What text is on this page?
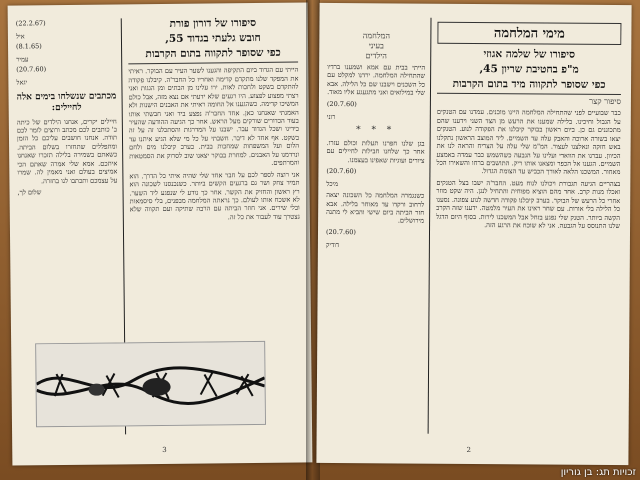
סיפורו של דורון פורת
חובש גלעתי בגדוד 55,
כפי שסופר לתקווה בתום הקרבות

הייתי עם הגדוד ביום התקיפה והגענו לשער העיר עם הבוקר. ראיתי את המפקד שלנו מתקדם קדימה ואחריו כל החבר'ה. קיבלנו פקודה להתקדם בשקט ולחכות לאות. ירו עלינו מן הבתים ומן הגגות ואני רצתי מפצוע לפצוע. היו רגעים שלא ידעתי אם נצא מזה, אבל כולם המשיכו קדימה. כשהגענו אל החומה ראיתי את האבנים הישנות ולא האמנתי שאנחנו כאן. אחד החבר'ה נפצע ביד ואני חבשתי אותו בעוד הכדורים שורקים מעל הראש. אחר כך הגיעה ההודעה שהעיר בידינו ושכל הגדוד עבר. ישבנו על המדרגות והסתכלנו זה על זה בשקט. אף אחד לא דיבר. חשבתי על כל מי שלא הגיע איתנו עד הלום ועל המשפחות שמחכות בבית. בערב קיבלנו מים ולחם ונרדמנו על האבנים. למחרת בבוקר יצאנו שוב לסרוק את הסמטאות והמרתפים.

אני רוצה לספר לכם על חבר אחד שלי שהיה איתי כל הדרך. הוא תמיד צחק ושר גם ברגעים הקשים ביותר. כשנכנסנו לשכונה הוא רץ ראשון והחזיק את הקשר. אחר כך נודע לי שנפגע ליד השער. לא אשכח אותו לעולם. כך נראתה המלחמה מבפנים, בלי סיסמאות ובלי שירים. אני חוזר הביתה עם הרבה שתיקה ועם תקווה שלא נצטרך עוד לעבור את כל זה.

(22.2.67)
איל
(8.1.65)
עמיר
(20.7.60)
יגאל
מכתבים שנשלחו בימים אלה לחיילים:

חיילים יקרים, אנחנו הילדים של כיתה ב' כותבים לכם מכתב ורוצים לומר לכם תודה. אנחנו חושבים עליכם כל הזמן ומתפללים שתחזרו בשלום הביתה. כשאתם בשמירה בלילה תזכרו שאנחנו איתכם. אמא שלי אמרה שאתם הכי אמיצים בעולם ואני מאמין לה. שמרו על עצמכם ותכתבו לנו בחזרה.

שלום לך,
3
מימי המלחמה
סיפורו של שלמה אגוזי
מ"פ בחטיבת שריון 45,
כפי שסופר לתקווה מיד בתום הקרבות
סיפור קצר

כבר שבועיים לפני שהתחילה המלחמה היינו מוכנים. עמדנו עם הטנקים על הגבול וחיכינו. בלילה שמענו את הרעש מן הצד השני וידענו שהם מתכוננים גם כן. ביום ראשון בבוקר קיבלנו את הפקודה לנוע. הטנקים יצאו בשורה ארוכה והאבק עלה עד השמיים. ליד המוצב הראשון נתקלנו באש חזקה ונאלצנו לעצור. המ"מ שלי עלה על הצריח והראה לנו את הכיוון. עברנו את הוואדי ועלינו על הגבעה כשהשמש כבר עמדה באמצע השמיים. הגענו אל הכפר ומצאנו אותו ריק. התושבים ברחו והשאירו הכל מאחור. המשכנו הלאה לאורך הכביש עד הצומת הגדול.

בצהריים הגיעה תגבורת ויכולנו לנוח מעט. החבר'ה ישבו בצל הטנקים ואכלו מנות קרב. אחד מהם הוציא מפוחית והתחיל לנגן. היה שקט מוזר אחרי כל הרעש של הבוקר. בערב קיבלנו פקודה חדשה לנוע צפונה. נסענו כל הלילה בלי אורות. עם שחר ראינו את העיר מלמטה. ידענו שזה הקרב הקשה ביותר. הטנק שלי נפגע בזחל אבל המשכנו לירות. בסוף היום הדגל שלנו התנוסס על הגבעה. אני לא שוכח את הרגע הזה.

המלחמה
בעיני
הילדים

הייתי בבית עם אמא ושמענו ברדיו שהתחילה המלחמה. ירדנו למקלט עם כל השכנים וישבנו שם כל הלילה. אבא שלי במילואים ואני מתגעגע אליו מאוד.

(20.7.60)
רוני
* * *

בגן שלנו חפרנו תעלות וכולם עזרו. אחר כך שלחנו חבילות לחיילים עם ציורים ועוגיות שאפינו בעצמנו.

(20.7.60)
מיכל

כשנגמרה המלחמה כל השכונה יצאה לרחוב ורקדו עד מאוחר בלילה. אבא חזר הביתה ביום שישי והביא לי מתנה מירושלים.

(20.7.60)
דודיק
2
זכויות תג: בן גוריון
